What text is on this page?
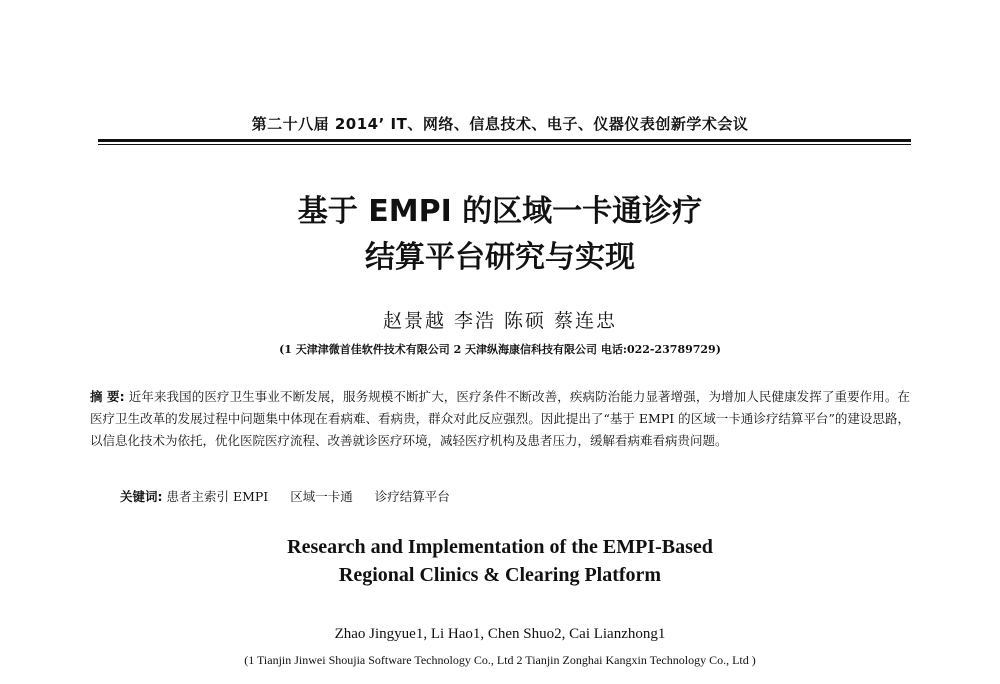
第二十八届 2014’ IT、网络、信息技术、电子、仪器仪表创新学术会议
基于 EMPI 的区域一卡通诊疗
结算平台研究与实现
赵景越 李浩 陈硕 蔡连忠
(1 天津津微首佳软件技术有限公司 2 天津纵海康信科技有限公司 电话:022-23789729)
摘 要: 近年来我国的医疗卫生事业不断发展，服务规模不断扩大，医疗条件不断改善，疾病防治能力显著增强，为增加人民健康发挥了重要作用。在医疗卫生改革的发展过程中问题集中体现在看病难、看病贵，群众对此反应强烈。因此提出了“基于 EMPI 的区域一卡通诊疗结算平台”的建设思路，以信息化技术为依托，优化医院医疗流程、改善就诊医疗环境，减轻医疗机构及患者压力，缓解看病难看病贵问题。
关键词: 患者主索引 EMPI 区域一卡通 诊疗结算平台
Research and Implementation of the EMPI-Based
Regional Clinics & Clearing Platform
Zhao Jingyue1, Li Hao1, Chen Shuo2, Cai Lianzhong1
(1 Tianjin Jinwei Shoujia Software Technology Co., Ltd 2 Tianjin Zonghai Kangxin Technology Co., Ltd )
